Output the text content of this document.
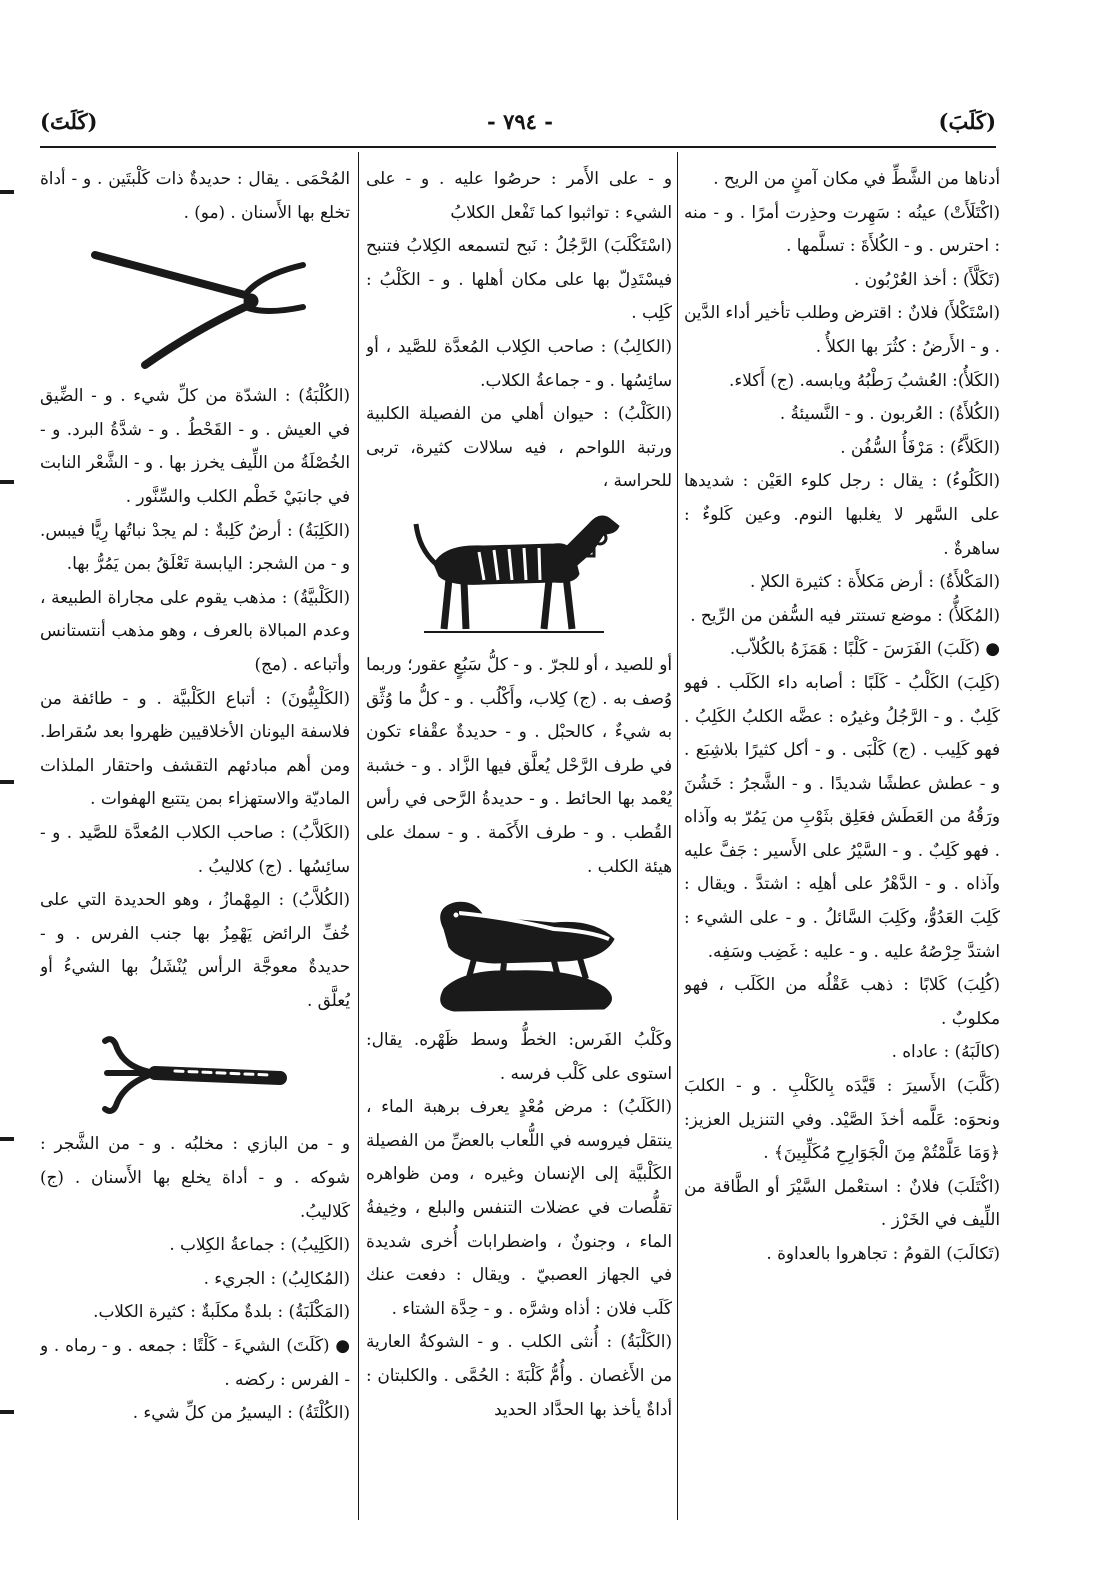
(كَلَبَ)
- ٧٩٤ -
(كَلَتَ)

أدناها من الشَّطِّ في مكان آمنٍ من الريح .

(اكْتَلَأَتْ) عينُه : سَهِرت وحذِرت أمرًا . و - منه : احترس . و - الكُلأَةَ : تسلَّمها .

(تَكَلَّأَ) : أخذ العُرْبُون .

(اسْتَكْلأَ) فلانٌ : اقترض وطلب تأخير أداء الدَّين . و - الأَرضُ : كثُرَ بها الكلأُ .

(الكَلأُ): العُشبُ رَطْبُهُ ويابسه. (ج) أَكلاء.

(الكُلأَةُ) : العُربون . و - النَّسيئةُ .

(الكَلاَّءُ) : مَرْفَأُ السُّفُن .

(الكَلُوءُ) : يقال : رجل كلوء العَيْن : شديدها على السَّهر لا يغلبها النوم. وعين كَلوءٌ : ساهرةٌ .

(المَكْلأَةُ) : أرض مَكلأَة : كثيرة الكلإ .

(المُكَلأُّ) : موضع تستتر فيه السُّفن من الرِّيح .

● (كَلَبَ) الفَرَسَ - كَلْبًا : هَمَزَهُ بالكُلاّب.

(كَلِبَ) الكَلْبُ - كَلَبًا : أصابه داء الكَلَب . فهو كَلِبٌ . و - الرَّجُلُ وغيرُه : عضَّه الكلبُ الكَلِبُ . فهو كَلِيب . (ج) كَلْبَى . و - أكل كثيرًا بلاشِبَع . و - عطش عطشًا شديدًا . و - الشَّجرُ : خَشُنَ ورَقُهُ من العَطَش فعَلِق بثَوْبِ من يَمُرّ به وآذاه . فهو كَلِبٌ . و - السَّيْرُ على الأَسير : جَفَّ عليه وآذاه . و - الدَّهْرُ على أهلِه : اشتدَّ . ويقال : كَلِبَ العَدُوُّ، وكَلِبَ السَّائلُ . و - على الشيء : اشتدَّ حِرْصُهُ عليه . و - عليه : غَضِب وسَفِه.

(كُلِبَ) كَلابًا : ذهب عَقْلُه من الكَلَب ، فهو مكلوبٌ .

(كالَبَهُ) : عاداه .

(كَلَّبَ) الأَسيرَ : قَيَّدَه بِالكَلْبِ . و - الكلبَ ونحوَه: عَلَّمه أخذَ الصَّيْد. وفي التنزيل العزيز: ﴿وَمَا عَلَّمْتُمْ مِنَ الْجَوَارِحِ مُكَلِّبِينَ﴾ .

(اكْتَلَبَ) فلانٌ : استعْمل السَّيْرَ أو الطَّاقة من اللِّيف في الخَرْز .

(تَكالَبَ) القومُ : تجاهروا بالعداوة .

و - على الأَمر : حرصُوا عليه . و - على الشيء : تواثبوا كما تَفْعل الكلابُ

(اسْتَكْلَبَ) الرَّجُلُ : نَبح لتسمعه الكِلابُ فتنبح فيسْتَدِلّ بها على مكان أهلها . و - الكَلْبُ : كَلِب .

(الكالِبُ) : صاحب الكِلاب المُعدَّة للصَّيد ، أو سائِسُها . و - جماعةُ الكلاب.

(الكَلْبُ) : حيوان أهلي من الفصيلة الكلبية ورتبة اللواحم ، فيه سلالات كثيرة، تربى للحراسة ،

أو للصيد ، أو للجرّ . و - كلُّ سَبُعٍ عقور؛ وربما وُصف به . (ج) كِلاب، وأَكْلُب . و - كلُّ ما وُثِّق به شيءٌ ، كالحبْل . و - حديدةٌ عقْفاء تكون في طرف الرَّحْل يُعلَّق فيها الزَّاد . و - خشبة يُعْمد بها الحائط . و - حديدةُ الرَّحى في رأس القُطب . و - طرف الأَكَمة . و - سمك على هيئة الكلب .

وكَلْبُ الفَرس: الخطُّ وسط ظَهْره. يقال: استوى على كَلْب فرسه .

(الكَلَبُ) : مرض مُعْدٍ يعرف برهبة الماء ، ينتقل فيروسه في اللُّعاب بالعضِّ من الفصيلة الكَلْبيَّة إلى الإنسان وغيره ، ومن ظواهره تقلُّصات في عضلات التنفس والبلع ، وخِيفةُ الماء ، وجنونٌ ، واضطرابات أُخرى شديدة في الجهاز العصبيّ . ويقال : دفعت عنك كَلَب فلان : أذاه وشرَّه . و - حِدَّة الشتاء .

(الكَلْبَةُ) : أُنثى الكلب . و - الشوكةُ العارية من الأَغصان . وأُمُّ كَلْبَةَ : الحُمَّى . والكلبتان : أداةٌ يأخذ بها الحدَّاد الحديد

المُحْمَى . يقال : حديدةٌ ذات كَلْبتَين . و - أداة تخلع بها الأَسنان . (مو) .

(الكُلْبَةُ) : الشدّة من كلِّ شيء . و - الضِّيق في العيش . و - القَحْطُ . و - شدَّةُ البرد. و - الخُصْلَةُ من اللِّيف يخرز بها . و - الشَّعْر النابت في جانبَيْ خَطْم الكلب والسِّنَّور .

(الكَلِبَةُ) : أرضٌ كَلِبةٌ : لم يجدْ نباتُها رِيًّا فيبس. و - من الشجر: اليابسة تَعْلَقُ بمن يَمُرُّ بها.

(الكَلْبيَّةُ) : مذهب يقوم على مجاراة الطبيعة ، وعدم المبالاة بالعرف ، وهو مذهب أنتستانس وأتباعه . (مج)

(الكَلْبِيُّونَ) : أتباع الكَلْبيَّة . و - طائفة من فلاسفة اليونان الأخلاقيين ظهروا بعد سُقراط. ومن أهم مبادئهم التقشف واحتقار الملذات الماديّة والاستهزاء بمن يتتبع الهفوات .

(الكَلاَّبُ) : صاحب الكلاب المُعدَّة للصَّيد . و - سائِسُها . (ج) كلاليبُ .

(الكُلاَّبُ) : المِهْمازُ ، وهو الحديدة التي على خُفِّ الرائض يَهْمِزُ بها جنب الفرس . و - حديدةٌ معوجَّة الرأس يُنْشَلُ بها الشيءُ أو يُعلَّق .

و - من البازي : مخلبُه . و - من الشَّجر : شوكه . و - أداة يخلع بها الأَسنان . (ج) كَلاليبُ.

(الكَلِيبُ) : جماعةُ الكِلاب .

(المُكالِبُ) : الجريء .

(المَكْلَبَةُ) : بلدةٌ مكلَبةٌ : كثيرة الكلاب.

● (كَلَتَ) الشيءَ - كَلْتًا : جمعه . و - رماه . و - الفرس : ركضه .

(الكُلْتَةُ) : اليسيرُ من كلِّ شيء .
